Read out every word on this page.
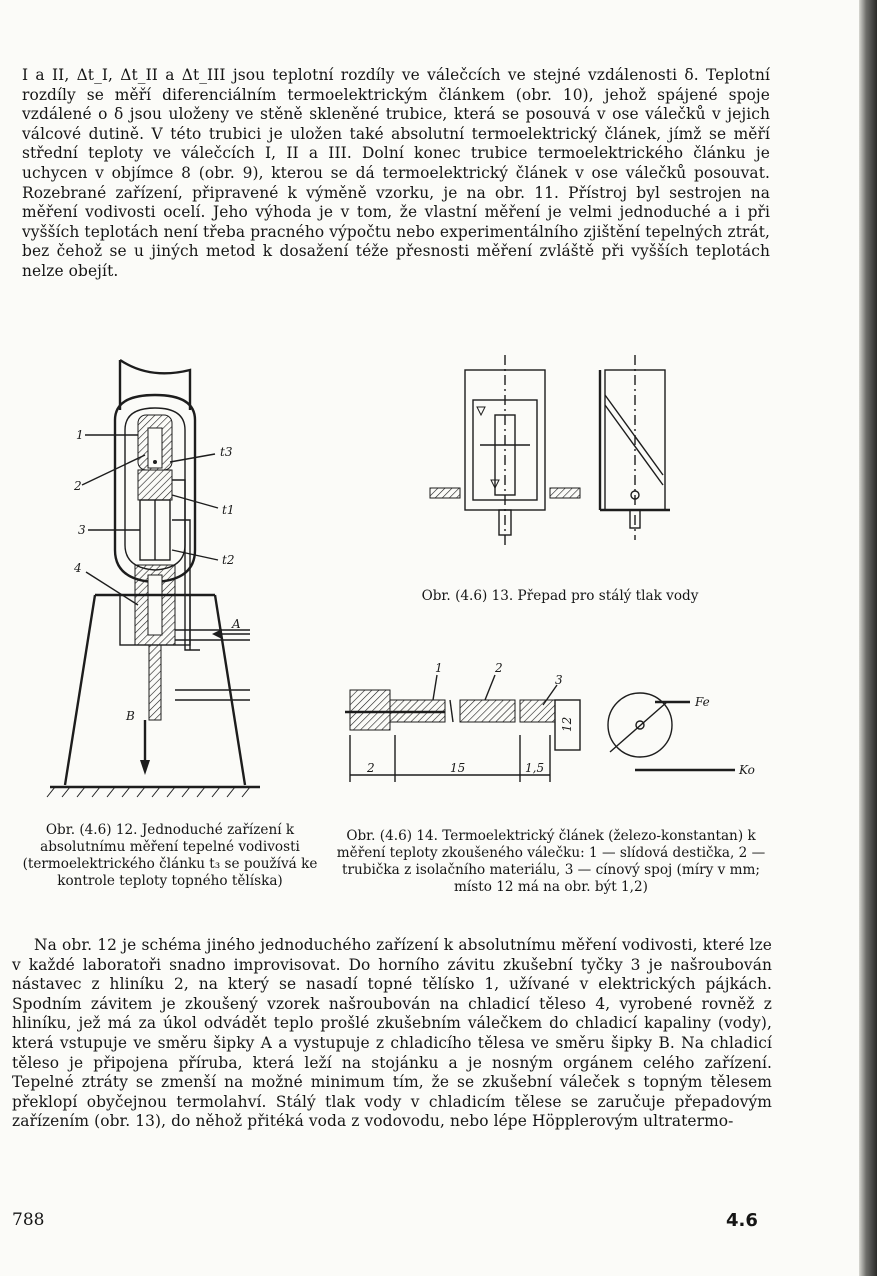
I a II, Δt_I, Δt_II a Δt_III jsou teplotní rozdíly ve válečcích ve stejné vzdálenosti δ. Teplotní rozdíly se měří diferenciálním termoelektrickým článkem (obr. 10), jehož spájené spoje vzdálené o δ jsou uloženy ve stěně skleněné trubice, která se posouvá v ose válečků v jejich válcové dutině. V této trubici je uložen také absolutní termoelektrický článek, jímž se měří střední teploty ve válečcích I, II a III. Dolní konec trubice termoelektrického článku je uchycen v objímce 8 (obr. 9), kterou se dá termoelektrický článek v ose válečků posouvat. Rozebrané zařízení, připravené k výměně vzorku, je na obr. 11. Přístroj byl sestrojen na měření vodivosti ocelí. Jeho výhoda je v tom, že vlastní měření je velmi jednoduché a i při vyšších teplotách není třeba pracného výpočtu nebo experimentálního zjištění tepelných ztrát, bez čehož se u jiných metod k dosažení téže přesnosti měření zvláště při vyšších teplotách nelze obejít.

1
2
3
4
t3
t1
t2
A
B

Obr. (4.6) 13. Přepad pro stálý tlak vody

12
2	15	1,5
1	2
3
Fe
Ko

Obr. (4.6) 12. Jednoduché zařízení k absolutnímu měření tepelné vodivosti (termoelektrického článku t₃ se používá ke kontrole teploty topného tělíska)

Obr. (4.6) 14. Termoelektrický článek (železo-konstantan) k měření teploty zkoušeného válečku: 1 — slídová destička, 2 — trubička z isolačního materiálu, 3 — cínový spoj (míry v mm; místo 12 má na obr. být 1,2)

Na obr. 12 je schéma jiného jednoduchého zařízení k absolutnímu měření vodivosti, které lze v každé laboratoři snadno improvisovat. Do horního závitu zkušební tyčky 3 je našroubován nástavec z hliníku 2, na který se nasadí topné tělísko 1, užívané v elektrických pájkách. Spodním závitem je zkoušený vzorek našroubován na chladicí těleso 4, vyrobené rovněž z hliníku, jež má za úkol odvádět teplo prošlé zkušebním válečkem do chladicí kapaliny (vody), která vstupuje ve směru šipky A a vystupuje z chladicího tělesa ve směru šipky B. Na chladicí těleso je připojena příruba, která leží na stojánku a je nosným orgánem celého zařízení. Tepelné ztráty se zmenší na možné minimum tím, že se zkušební váleček s topným tělesem překlopí obyčejnou termolahví. Stálý tlak vody v chladicím tělese se zaručuje přepadovým zařízením (obr. 13), do něhož přitéká voda z vodovodu, nebo lépe Höpplerovým ultratermo-

788	4.6
